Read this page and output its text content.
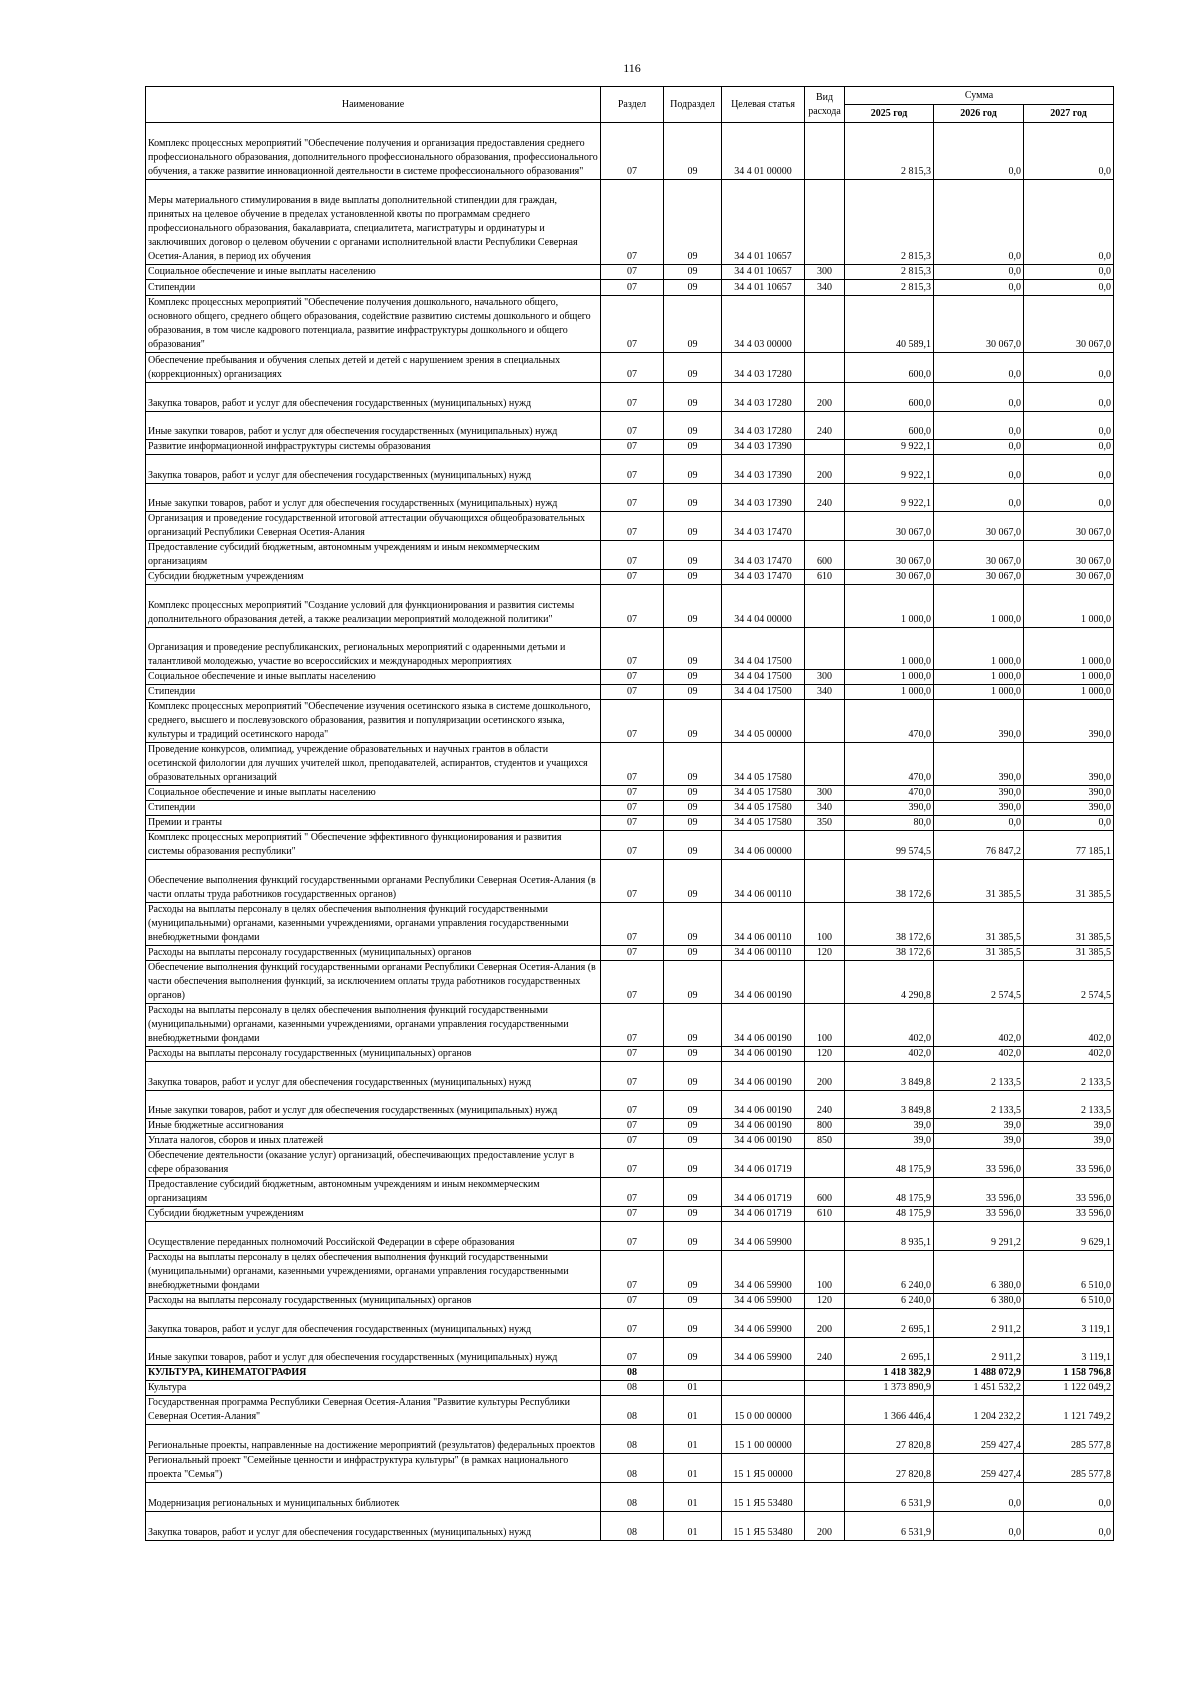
116
Наименование	Раздел	Подраздел	Целевая статья	Вид расхода	Сумма		
					2025 год	2026 год	2027 год
Комплекс процессных мероприятий "Обеспечение получения и организация предоставления среднего профессионального образования, дополнительного профессионального образования, профессионального обучения, а также развитие инновационной деятельности в системе профессионального образования"	07	09	34 4 01 00000		2 815,3	0,0	0,0
Меры материального стимулирования в виде выплаты дополнительной стипендии для граждан, принятых на целевое обучение в пределах установленной квоты по программам среднего профессионального образования, бакалавриата, специалитета, магистратуры и ординатуры и заключивших договор о целевом обучении с органами исполнительной власти Республики Северная Осетия-Алания, в период их обучения	07	09	34 4 01 10657		2 815,3	0,0	0,0
Социальное обеспечение и иные выплаты населению	07	09	34 4 01 10657	300	2 815,3	0,0	0,0
Стипендии	07	09	34 4 01 10657	340	2 815,3	0,0	0,0
Комплекс процессных мероприятий "Обеспечение получения дошкольного, начального общего, основного общего, среднего общего образования, содействие развитию системы дошкольного и общего образования, в том числе кадрового потенциала, развитие инфраструктуры дошкольного и общего образования"	07	09	34 4 03 00000		40 589,1	30 067,0	30 067,0
Обеспечение пребывания и обучения слепых детей и детей с нарушением зрения в специальных (коррекционных) организациях	07	09	34 4 03 17280		600,0	0,0	0,0
Закупка товаров, работ и услуг для обеспечения государственных (муниципальных) нужд	07	09	34 4 03 17280	200	600,0	0,0	0,0
Иные закупки товаров, работ и услуг для обеспечения государственных (муниципальных) нужд	07	09	34 4 03 17280	240	600,0	0,0	0,0
Развитие информационной инфраструктуры системы образования	07	09	34 4 03 17390		9 922,1	0,0	0,0
Закупка товаров, работ и услуг для обеспечения государственных (муниципальных) нужд	07	09	34 4 03 17390	200	9 922,1	0,0	0,0
Иные закупки товаров, работ и услуг для обеспечения государственных (муниципальных) нужд	07	09	34 4 03 17390	240	9 922,1	0,0	0,0
Организация и проведение государственной итоговой аттестации обучающихся общеобразовательных организаций Республики Северная Осетия-Алания	07	09	34 4 03 17470		30 067,0	30 067,0	30 067,0
Предоставление субсидий бюджетным, автономным учреждениям и иным некоммерческим организациям	07	09	34 4 03 17470	600	30 067,0	30 067,0	30 067,0
Субсидии бюджетным учреждениям	07	09	34 4 03 17470	610	30 067,0	30 067,0	30 067,0
Комплекс процессных мероприятий "Создание условий для функционирования и развития системы дополнительного образования детей, а также реализации мероприятий молодежной политики"	07	09	34 4 04 00000		1 000,0	1 000,0	1 000,0
Организация и проведение республиканских, региональных мероприятий с одаренными детьми и талантливой молодежью, участие во всероссийских и международных мероприятиях	07	09	34 4 04 17500		1 000,0	1 000,0	1 000,0
Социальное обеспечение и иные выплаты населению	07	09	34 4 04 17500	300	1 000,0	1 000,0	1 000,0
Стипендии	07	09	34 4 04 17500	340	1 000,0	1 000,0	1 000,0
Комплекс процессных мероприятий "Обеспечение изучения осетинского языка в системе дошкольного, среднего, высшего и послевузовского образования, развития и популяризации осетинского языка, культуры и традиций осетинского народа"	07	09	34 4 05 00000		470,0	390,0	390,0
Проведение конкурсов, олимпиад, учреждение образовательных и научных грантов в области осетинской филологии для лучших учителей школ, преподавателей, аспирантов, студентов и учащихся образовательных организаций	07	09	34 4 05 17580		470,0	390,0	390,0
Социальное обеспечение и иные выплаты населению	07	09	34 4 05 17580	300	470,0	390,0	390,0
Стипендии	07	09	34 4 05 17580	340	390,0	390,0	390,0
Премии и гранты	07	09	34 4 05 17580	350	80,0	0,0	0,0
Комплекс процессных мероприятий " Обеспечение эффективного функционирования и развития системы образования республики"	07	09	34 4 06 00000		99 574,5	76 847,2	77 185,1
Обеспечение выполнения функций государственными органами Республики Северная Осетия-Алания (в части оплаты труда работников государственных органов)	07	09	34 4 06 00110		38 172,6	31 385,5	31 385,5
Расходы на выплаты персоналу в целях обеспечения выполнения функций государственными (муниципальными) органами, казенными учреждениями, органами управления государственными внебюджетными фондами	07	09	34 4 06 00110	100	38 172,6	31 385,5	31 385,5
Расходы на выплаты персоналу государственных (муниципальных) органов	07	09	34 4 06 00110	120	38 172,6	31 385,5	31 385,5
Обеспечение выполнения функций государственными органами Республики Северная Осетия-Алания (в части обеспечения выполнения функций, за исключением оплаты труда работников государственных органов)	07	09	34 4 06 00190		4 290,8	2 574,5	2 574,5
Расходы на выплаты персоналу в целях обеспечения выполнения функций государственными (муниципальными) органами, казенными учреждениями, органами управления государственными внебюджетными фондами	07	09	34 4 06 00190	100	402,0	402,0	402,0
Расходы на выплаты персоналу государственных (муниципальных) органов	07	09	34 4 06 00190	120	402,0	402,0	402,0
Закупка товаров, работ и услуг для обеспечения государственных (муниципальных) нужд	07	09	34 4 06 00190	200	3 849,8	2 133,5	2 133,5
Иные закупки товаров, работ и услуг для обеспечения государственных (муниципальных) нужд	07	09	34 4 06 00190	240	3 849,8	2 133,5	2 133,5
Иные бюджетные ассигнования	07	09	34 4 06 00190	800	39,0	39,0	39,0
Уплата налогов, сборов и иных платежей	07	09	34 4 06 00190	850	39,0	39,0	39,0
Обеспечение деятельности (оказание услуг) организаций, обеспечивающих предоставление услуг в сфере образования	07	09	34 4 06 01719		48 175,9	33 596,0	33 596,0
Предоставление субсидий бюджетным, автономным учреждениям и иным некоммерческим организациям	07	09	34 4 06 01719	600	48 175,9	33 596,0	33 596,0
Субсидии бюджетным учреждениям	07	09	34 4 06 01719	610	48 175,9	33 596,0	33 596,0
Осуществление переданных полномочий Российской Федерации в сфере образования	07	09	34 4 06 59900		8 935,1	9 291,2	9 629,1
Расходы на выплаты персоналу в целях обеспечения выполнения функций государственными (муниципальными) органами, казенными учреждениями, органами управления государственными внебюджетными фондами	07	09	34 4 06 59900	100	6 240,0	6 380,0	6 510,0
Расходы на выплаты персоналу государственных (муниципальных) органов	07	09	34 4 06 59900	120	6 240,0	6 380,0	6 510,0
Закупка товаров, работ и услуг для обеспечения государственных (муниципальных) нужд	07	09	34 4 06 59900	200	2 695,1	2 911,2	3 119,1
Иные закупки товаров, работ и услуг для обеспечения государственных (муниципальных) нужд	07	09	34 4 06 59900	240	2 695,1	2 911,2	3 119,1
КУЛЬТУРА, КИНЕМАТОГРАФИЯ	08				1 418 382,9	1 488 072,9	1 158 796,8
Культура	08	01			1 373 890,9	1 451 532,2	1 122 049,2
Государственная программа Республики Северная Осетия-Алания "Развитие культуры Республики Северная Осетия-Алания"	08	01	15 0 00 00000		1 366 446,4	1 204 232,2	1 121 749,2
Региональные проекты, направленные на достижение мероприятий (результатов) федеральных проектов	08	01	15 1 00 00000		27 820,8	259 427,4	285 577,8
Региональный проект "Семейные ценности и инфраструктура культуры" (в рамках национального проекта "Семья")	08	01	15 1 Я5 00000		27 820,8	259 427,4	285 577,8
Модернизация региональных и муниципальных библиотек	08	01	15 1 Я5 53480		6 531,9	0,0	0,0
Закупка товаров, работ и услуг для обеспечения государственных (муниципальных) нужд	08	01	15 1 Я5 53480	200	6 531,9	0,0	0,0
